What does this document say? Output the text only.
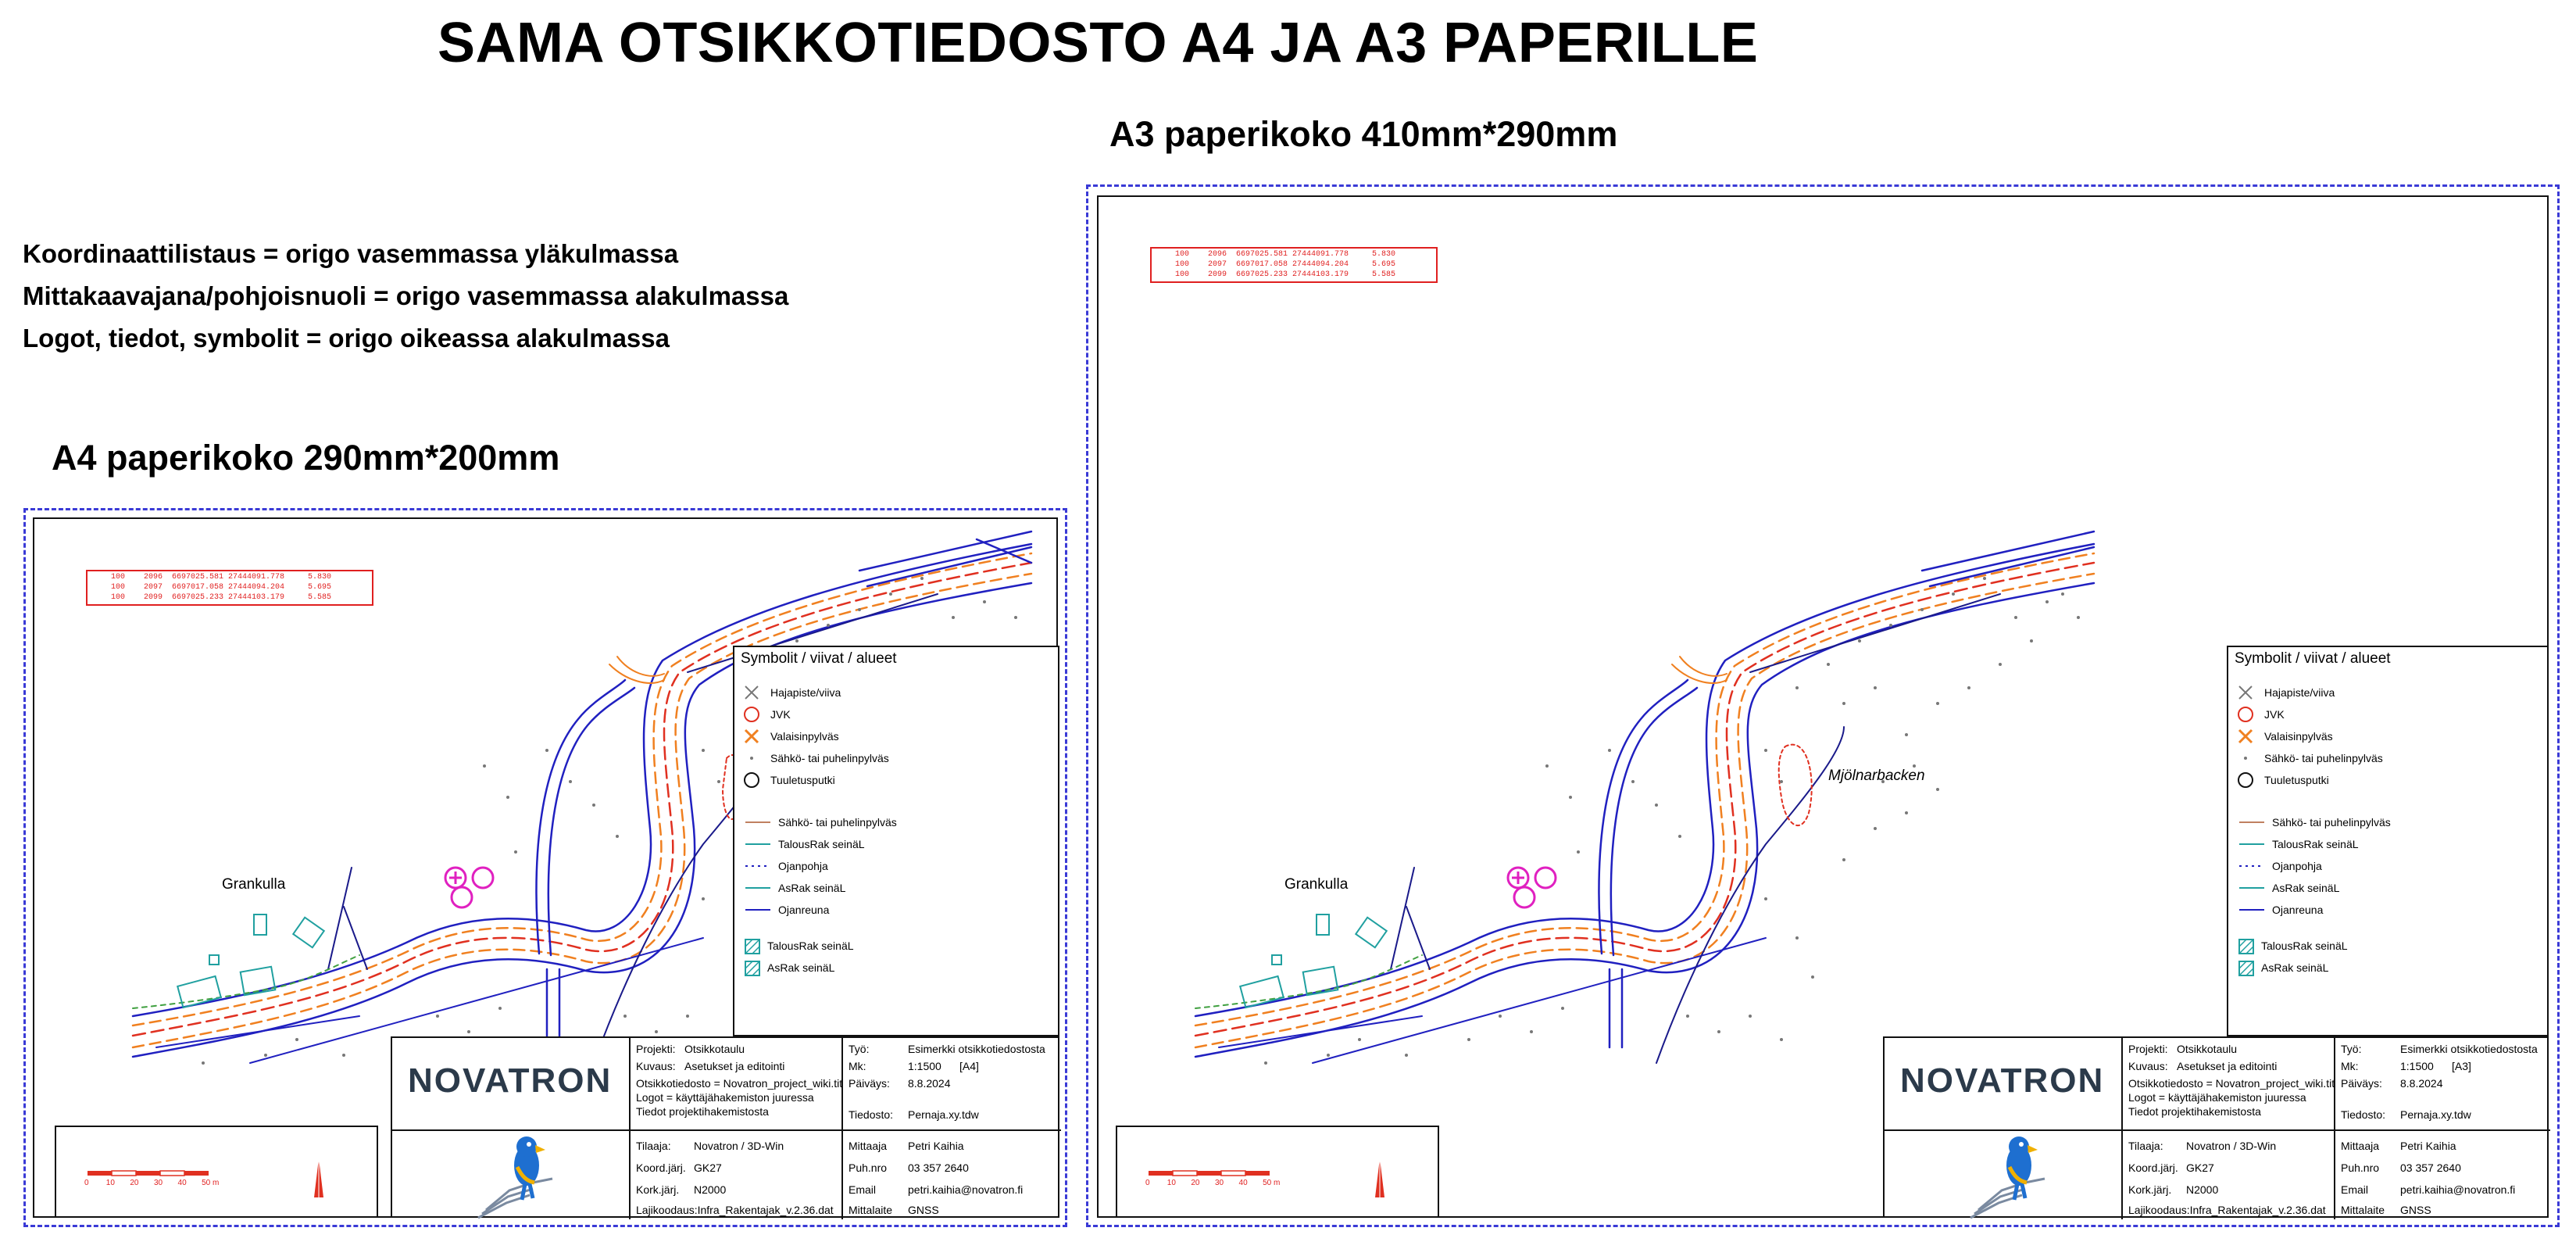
SAMA OTSIKKOTIEDOSTO A4 JA A3 PAPERILLE
A3 paperikoko 410mm*290mm
A4 paperikoko 290mm*200mm
Koordinaattilistaus = origo vasemmassa yläkulmassa
Mittakaavajana/pohjoisnuoli = origo vasemmassa alakulmassa
Logot, tiedot, symbolit = origo oikeassa alakulmassa
100    2096  6697025.581 27444091.778     5.830
100    2097  6697017.058 27444094.204     5.695
100    2099  6697025.233 27444103.179     5.585
Grankulla
Symbolit / viivat / alueet
Hajapiste/viiva
JVK
Valaisinpylväs
Sähkö- tai puhelinpylväs
Tuuletusputki
Sähkö- tai puhelinpylväs
TalousRak seinäL
Ojanpohja
AsRak seinäL
Ojanreuna
TalousRak seinäL
AsRak seinäL
0 10 20 30 40 50 m
NOVATRON
Projekti: Otsikkotaulu
Kuvaus: Asetukset ja editointi
Otsikkotiedosto = Novatron_project_wiki.tit
Logot = käyttäjähakemiston juuressa
Tiedot projektihakemistosta
Työ:	Esimerkki otsikkotiedostosta
Mk:	1:1500 [A4]
Päiväys: 8.8.2024
Tiedosto: Pernaja.xy.tdw
Tilaaja: Novatron / 3D-Win
Koord.järj. GK27
Kork.järj. N2000
Lajikoodaus:Infra_Rakentajak_v.2.36.dat
Mittaaja Petri Kaihia
Puh.nro 03 357 2640
Email	petri.kaihia@novatron.fi
Mittalaite GNSS
100    2096  6697025.581 27444091.778     5.830
100    2097  6697017.058 27444094.204     5.695
100    2099  6697025.233 27444103.179     5.585
Grankulla
Mjölnarbacken
Symbolit / viivat / alueet
Hajapiste/viiva
JVK
Valaisinpylväs
Sähkö- tai puhelinpylväs
Tuuletusputki
Sähkö- tai puhelinpylväs
TalousRak seinäL
Ojanpohja
AsRak seinäL
Ojanreuna
TalousRak seinäL
AsRak seinäL
0 10 20 30 40 50 m
NOVATRON
Projekti: Otsikkotaulu
Kuvaus: Asetukset ja editointi
Otsikkotiedosto = Novatron_project_wiki.tit
Logot = käyttäjähakemiston juuressa
Tiedot projektihakemistosta
Työ:	Esimerkki otsikkotiedostosta
Mk:	1:1500 [A3]
Päiväys: 8.8.2024
Tiedosto: Pernaja.xy.tdw
Tilaaja: Novatron / 3D-Win
Koord.järj. GK27
Kork.järj. N2000
Lajikoodaus:Infra_Rakentajak_v.2.36.dat
Mittaaja Petri Kaihia
Puh.nro 03 357 2640
Email	petri.kaihia@novatron.fi
Mittalaite GNSS
